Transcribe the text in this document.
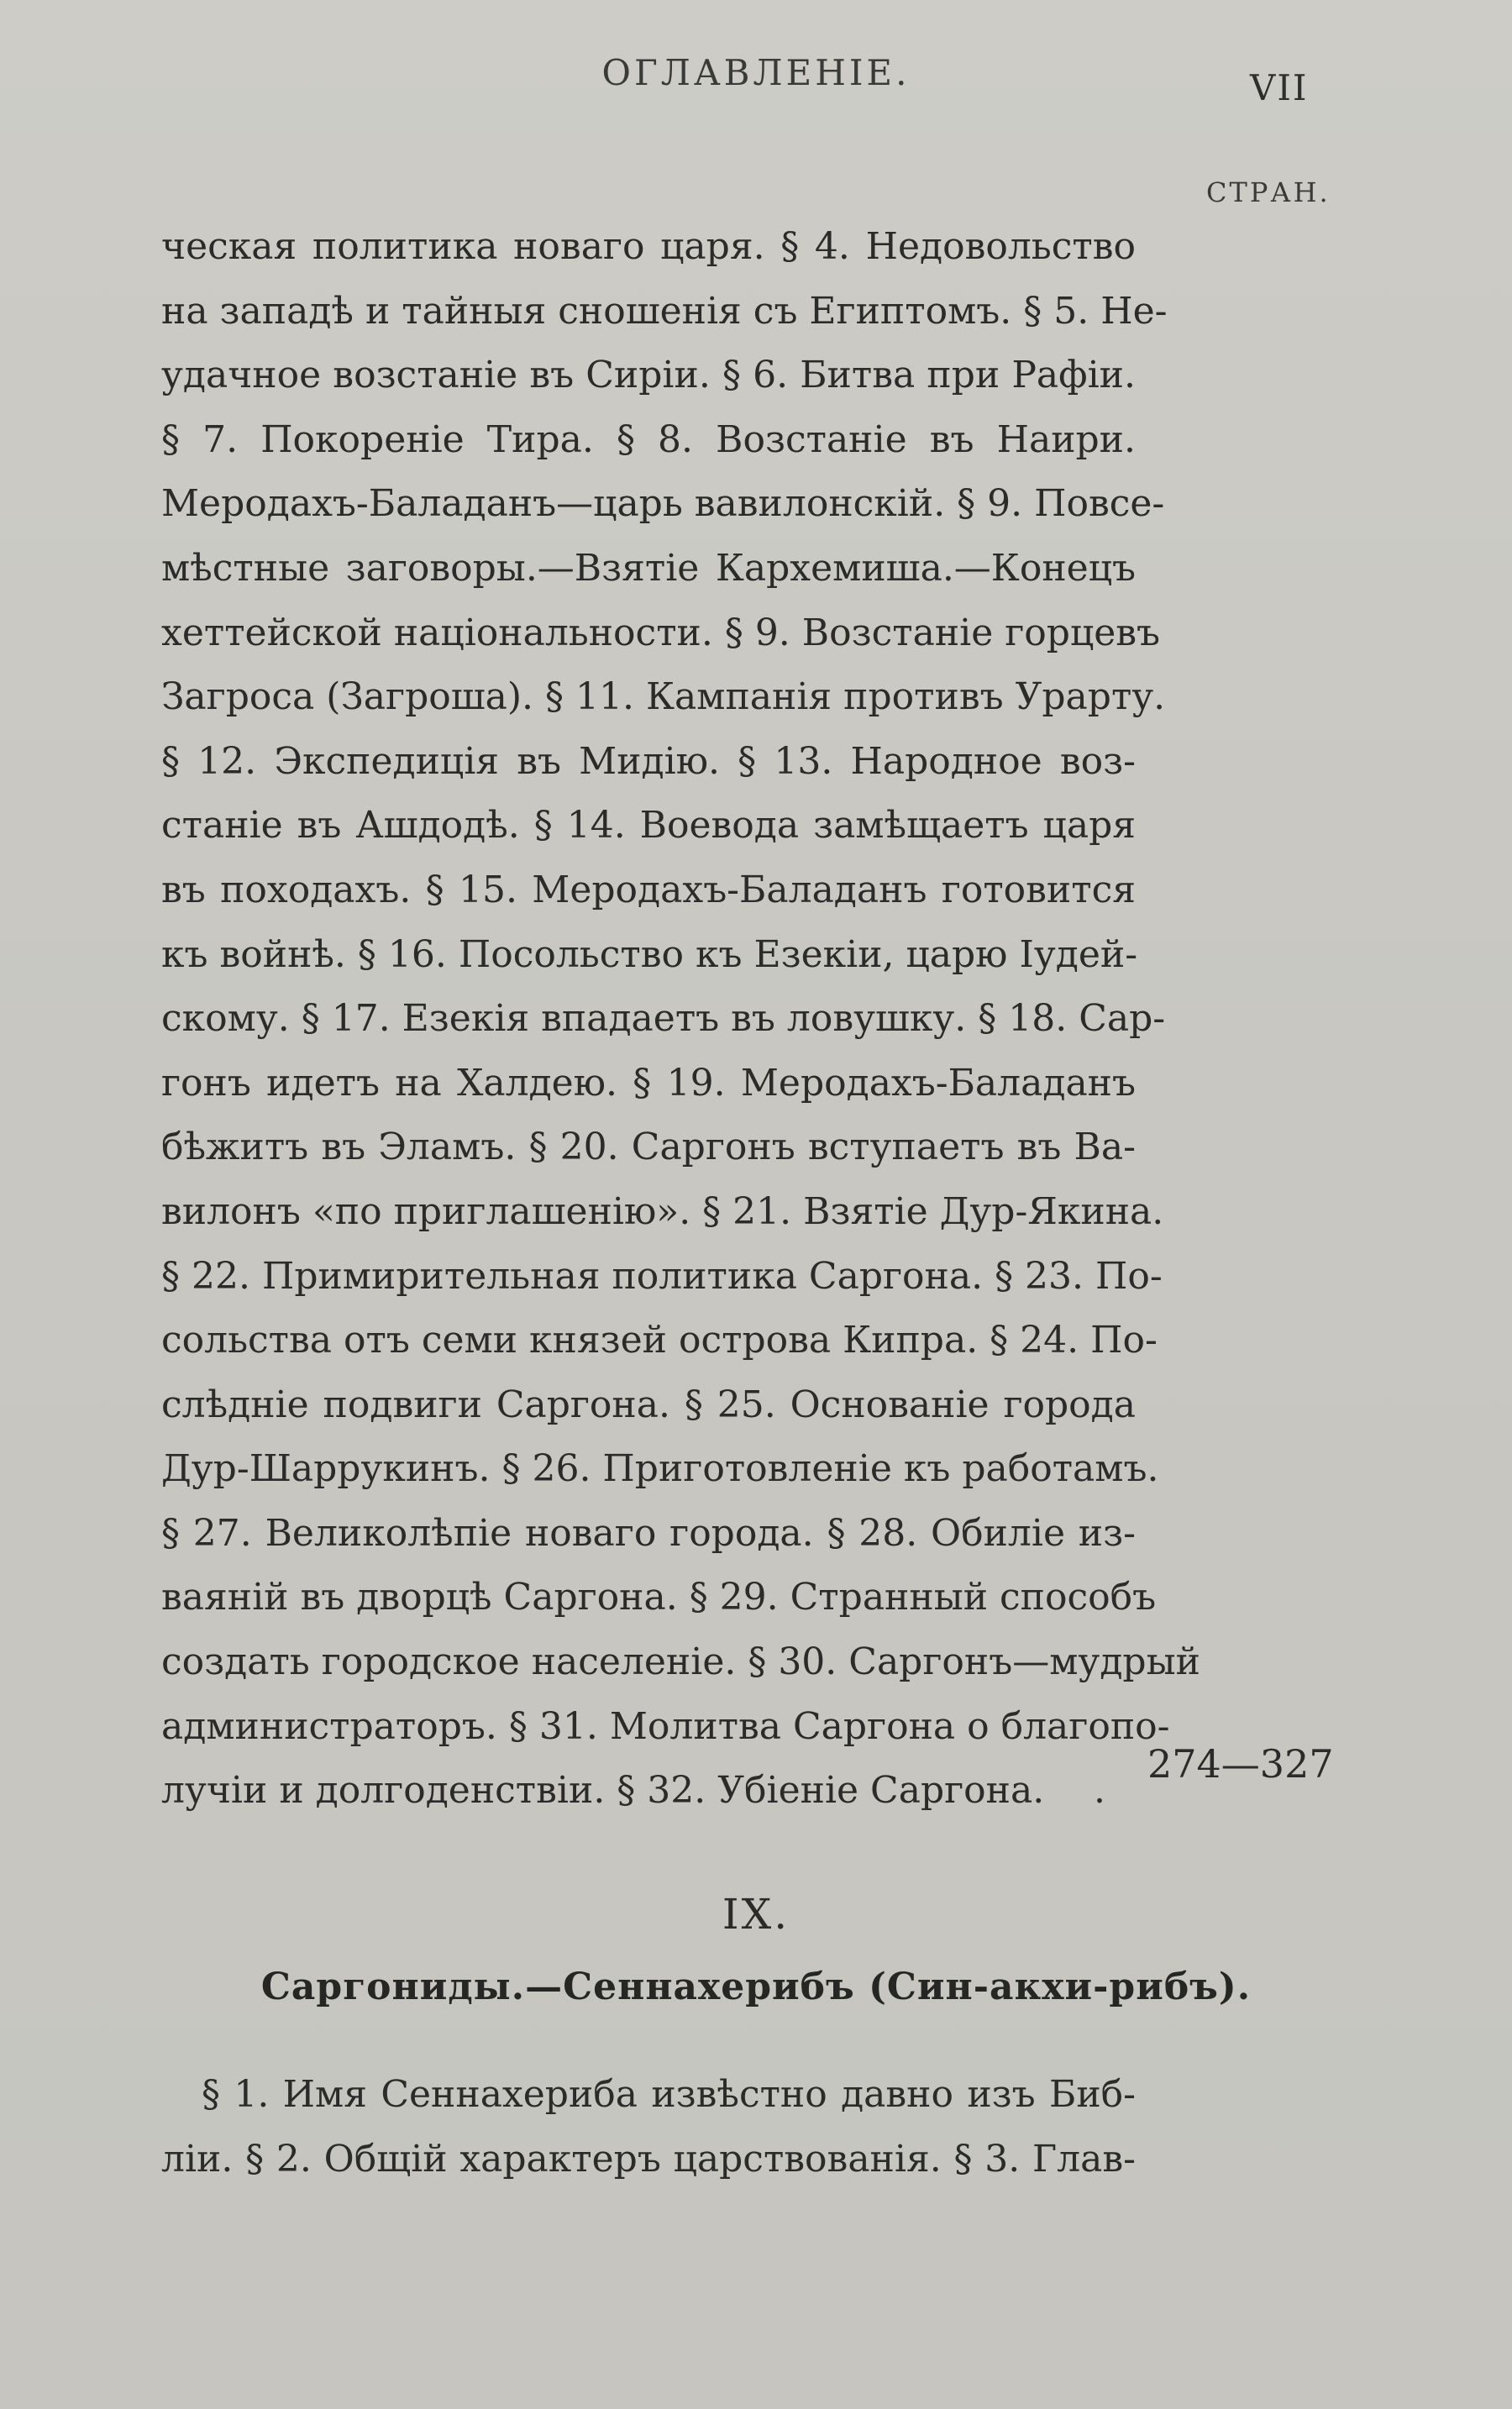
ОГЛАВЛЕНІЕ.	VII
СТРАН.
ческая политика новаго царя. § 4. Недовольство
на западѣ и тайныя сношенія съ Египтомъ. § 5. Не-
удачное возстаніе въ Сиріи. § 6. Битва при Рафіи.
§ 7. Покореніе Тира. § 8. Возстаніе въ Наири.
Меродахъ-Баладанъ—царь вавилонскій. § 9. Повсе-
мѣстные заговоры.—Взятіе Кархемиша.—Конецъ
хеттейской національности. § 9. Возстаніе горцевъ
Загроса (Загроша). § 11. Кампанія противъ Урарту.
§ 12. Экспедиція въ Мидію. § 13. Народное воз-
станіе въ Ашдодѣ. § 14. Воевода замѣщаетъ царя
въ походахъ. § 15. Меродахъ-Баладанъ готовится
къ войнѣ. § 16. Посольство къ Езекіи, царю Іудей-
скому. § 17. Езекія впадаетъ въ ловушку. § 18. Сар-
гонъ идетъ на Халдею. § 19. Меродахъ-Баладанъ
бѣжитъ въ Эламъ. § 20. Саргонъ вступаетъ въ Ва-
вилонъ «по приглашенію». § 21. Взятіе Дур-Якина.
§ 22. Примирительная политика Саргона. § 23. По-
сольства отъ семи князей острова Кипра. § 24. По-
слѣдніе подвиги Саргона. § 25. Основаніе города
Дур-Шаррукинъ. § 26. Приготовленіе къ работамъ.
§ 27. Великолѣпіе новаго города. § 28. Обиліе из-
ваяній въ дворцѣ Саргона. § 29. Странный способъ
создать городское населеніе. § 30. Саргонъ—мудрый
администраторъ. § 31. Молитва Саргона о благопо-
лучіи и долгоденствіи. § 32. Убіеніе Саргона. .
274—327
IX.
Саргониды.—Сеннахерибъ (Син-акхи-рибъ).
§ 1. Имя Сеннахериба извѣстно давно изъ Биб-
ліи. § 2. Общій характеръ царствованія. § 3. Глав-
